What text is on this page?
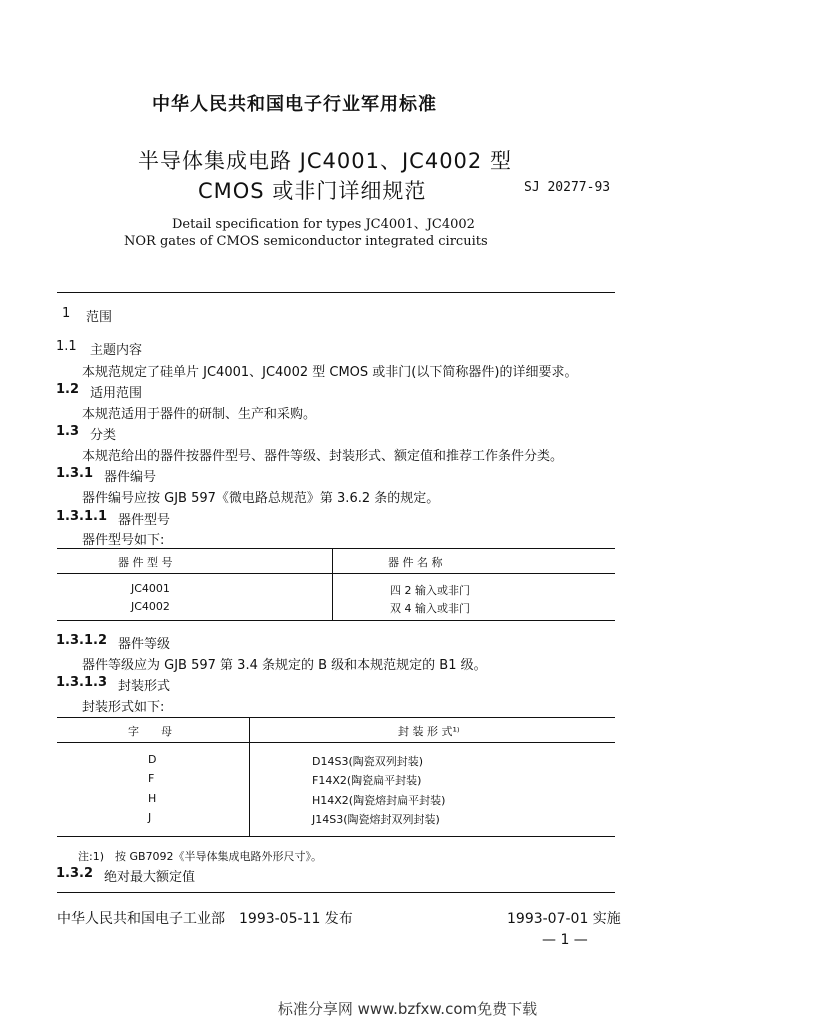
中华人民共和国电子行业军用标准
半导体集成电路 JC4001、JC4002 型
CMOS 或非门详细规范	SJ 20277-93
Detail specification for types JC4001、JC4002
NOR gates of CMOS semiconductor integrated circuits
1 范围
1.1 主题内容
本规范规定了硅单片 JC4001、JC4002 型 CMOS 或非门(以下简称器件)的详细要求。
1.2 适用范围
本规范适用于器件的研制、生产和采购。
1.3 分类
本规范给出的器件按器件型号、器件等级、封装形式、额定值和推荐工作条件分类。
1.3.1 器件编号
器件编号应按 GJB 597《微电路总规范》第 3.6.2 条的规定。
1.3.1.1 器件型号
器件型号如下:
器 件 型 号	器 件 名 称
JC4001	四 2 输入或非门
JC4002	双 4 输入或非门
1.3.1.2 器件等级
器件等级应为 GJB 597 第 3.4 条规定的 B 级和本规范规定的 B1 级。
1.3.1.3 封装形式
封装形式如下:
字　　母	封 装 形 式¹⁾
D	D14S3(陶瓷双列封装)
F	F14X2(陶瓷扁平封装)
H	H14X2(陶瓷熔封扁平封装)
J	J14S3(陶瓷熔封双列封装)
注:1)　按 GB7092《半导体集成电路外形尺寸》。
1.3.2 绝对最大额定值
中华人民共和国电子工业部　1993-05-11 发布	1993-07-01 实施
— 1 —
标准分享网 www.bzfxw.com免费下载
